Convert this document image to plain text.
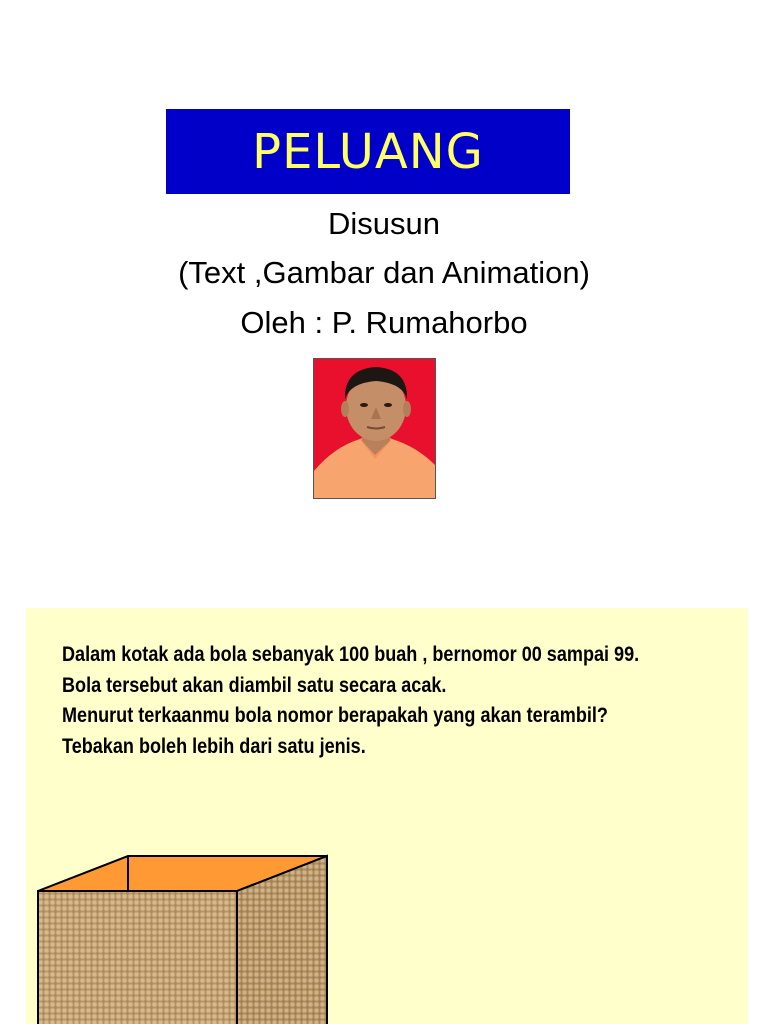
PELUANG
Disusun
(Text ,Gambar dan Animation)
Oleh : P. Rumahorbo
Dalam kotak ada bola sebanyak 100 buah , bernomor 00 sampai 99.
Bola tersebut akan diambil satu secara acak.
Menurut terkaanmu bola nomor berapakah yang akan terambil?
Tebakan boleh lebih dari satu jenis.
